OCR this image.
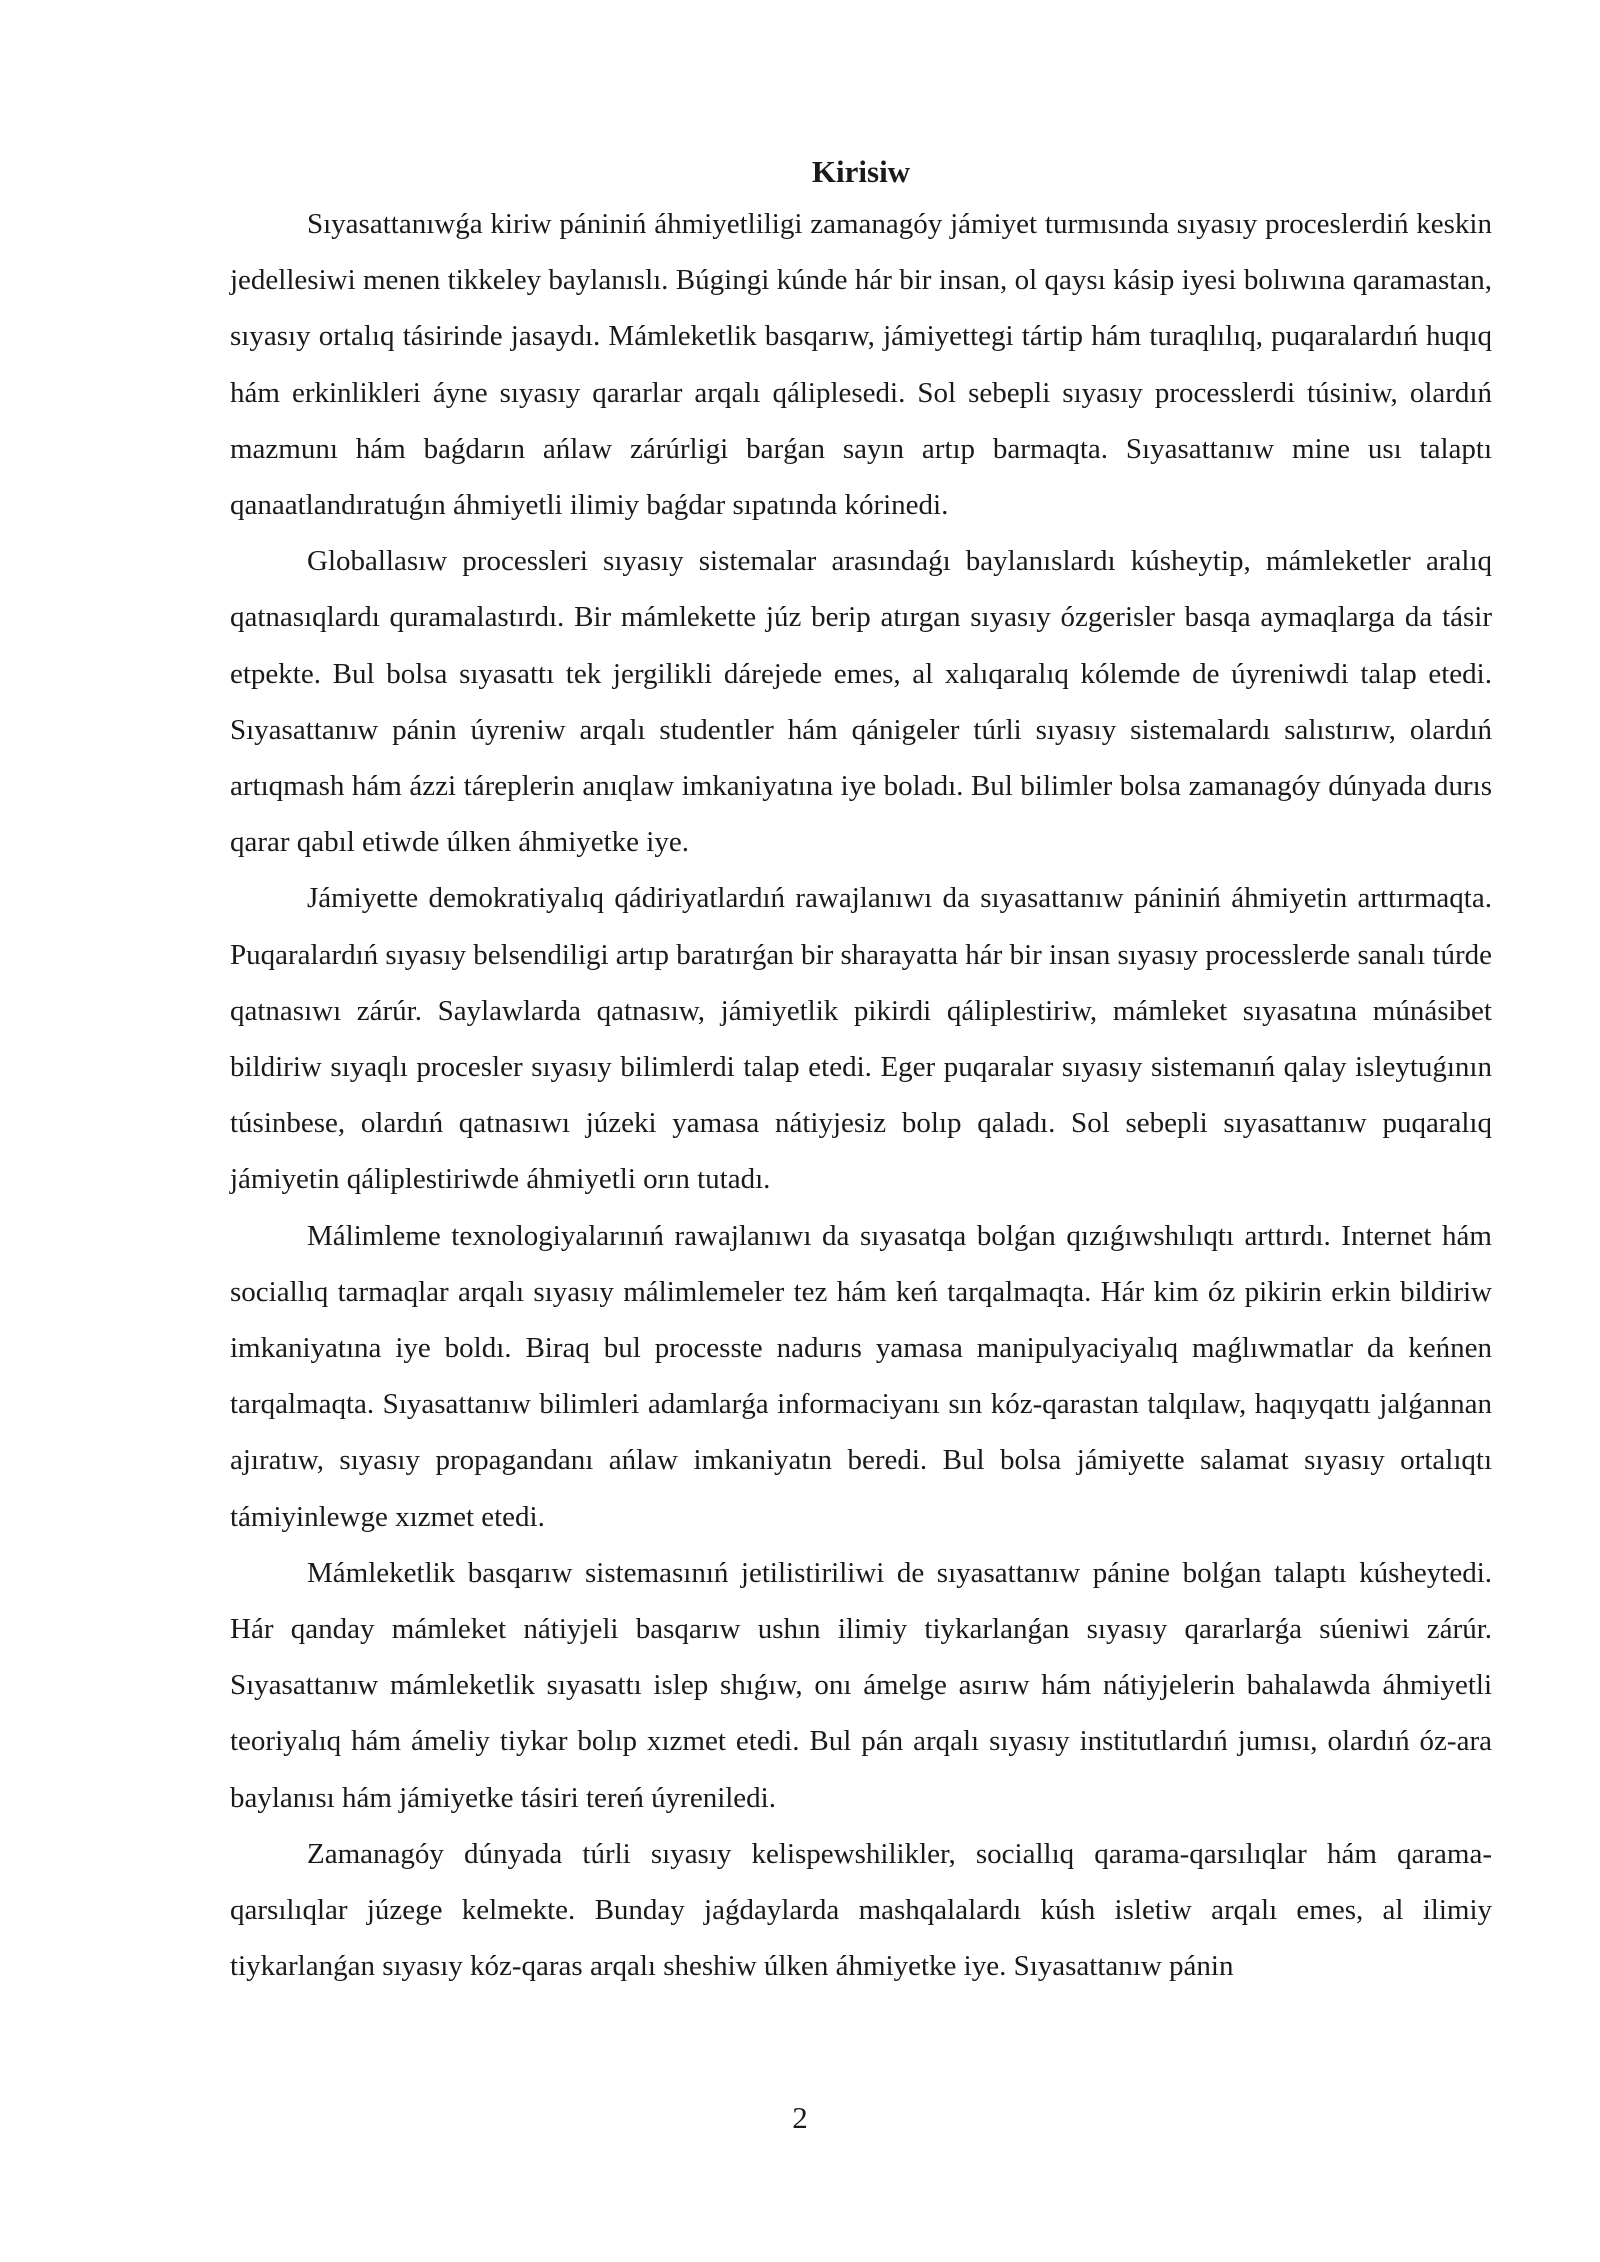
Kirisiw

Sıyasattanıwǵa kiriw pániniń áhmiyetliligi zamanagóy jámiyet turmısında sıyasıy proceslerdiń keskin jedellesiwi menen tikkeley baylanıslı. Búgingi kúnde hár bir insan, ol qaysı kásip iyesi bolıwına qaramastan, sıyasıy ortalıq tásirinde jasaydı. Mámleketlik basqarıw, jámiyettegi tártip hám turaqlılıq, puqaralardıń huqıq hám erkinlikleri áyne sıyasıy qararlar arqalı qáliplesedi. Sol sebepli sıyasıy processlerdi túsiniw, olardıń mazmunı hám baǵdarın ańlaw zárúrligi barǵan sayın artıp barmaqta. Sıyasattanıw mine usı talaptı qanaatlandıratuǵın áhmiyetli ilimiy baǵdar sıpatında kórinedi.

Globallasıw processleri sıyasıy sistemalar arasındaǵı baylanıslardı kúsheytip, mámleketler aralıq qatnasıqlardı quramalastırdı. Bir mámlekette júz berip atırgan sıyasıy ózgerisler basqa aymaqlarga da tásir etpekte. Bul bolsa sıyasattı tek jergilikli dárejede emes, al xalıqaralıq kólemde de úyreniwdi talap etedi. Sıyasattanıw pánin úyreniw arqalı studentler hám qánigeler túrli sıyasıy sistemalardı salıstırıw, olardıń artıqmash hám ázzi táreplerin anıqlaw imkaniyatına iye boladı. Bul bilimler bolsa zamanagóy dúnyada durıs qarar qabıl etiwde úlken áhmiyetke iye.

Jámiyette demokratiyalıq qádiriyatlardıń rawajlanıwı da sıyasattanıw pániniń áhmiyetin arttırmaqta. Puqaralardıń sıyasıy belsendiligi artıp baratırǵan bir sharayatta hár bir insan sıyasıy processlerde sanalı túrde qatnasıwı zárúr. Saylawlarda qatnasıw, jámiyetlik pikirdi qáliplestiriw, mámleket sıyasatına múnásibet bildiriw sıyaqlı procesler sıyasıy bilimlerdi talap etedi. Eger puqaralar sıyasıy sistemanıń qalay isleytuǵının túsinbese, olardıń qatnasıwı júzeki yamasa nátiyjesiz bolıp qaladı. Sol sebepli sıyasattanıw puqaralıq jámiyetin qáliplestiriwde áhmiyetli orın tutadı.

Málimleme texnologiyalarınıń rawajlanıwı da sıyasatqa bolǵan qızıǵıwshılıqtı arttırdı. Internet hám sociallıq tarmaqlar arqalı sıyasıy málimlemeler tez hám keń tarqalmaqta. Hár kim óz pikirin erkin bildiriw imkaniyatına iye boldı. Biraq bul processte nadurıs yamasa manipulyaciyalıq maǵlıwmatlar da keńnen tarqalmaqta. Sıyasattanıw bilimleri adamlarǵa informaciyanı sın kóz-qarastan talqılaw, haqıyqattı jalǵannan ajıratıw, sıyasıy propagandanı ańlaw imkaniyatın beredi. Bul bolsa jámiyette salamat sıyasıy ortalıqtı támiyinlewge xızmet etedi.

Mámleketlik basqarıw sistemasınıń jetilistiriliwi de sıyasattanıw pánine bolǵan talaptı kúsheytedi. Hár qanday mámleket nátiyjeli basqarıw ushın ilimiy tiykarlanǵan sıyasıy qararlarǵa súeniwi zárúr. Sıyasattanıw mámleketlik sıyasattı islep shıǵıw, onı ámelge asırıw hám nátiyjelerin bahalawda áhmiyetli teoriyalıq hám ámeliy tiykar bolıp xızmet etedi. Bul pán arqalı sıyasıy institutlardıń jumısı, olardıń óz-ara baylanısı hám jámiyetke tásiri tereń úyreniledi.

Zamanagóy dúnyada túrli sıyasıy kelispewshilikler, sociallıq qarama-qarsılıqlar hám qarama-qarsılıqlar júzege kelmekte. Bunday jaǵdaylarda mashqalalardı kúsh isletiw arqalı emes, al ilimiy tiykarlanǵan sıyasıy kóz-qaras arqalı sheshiw úlken áhmiyetke iye. Sıyasattanıw pánin

2
